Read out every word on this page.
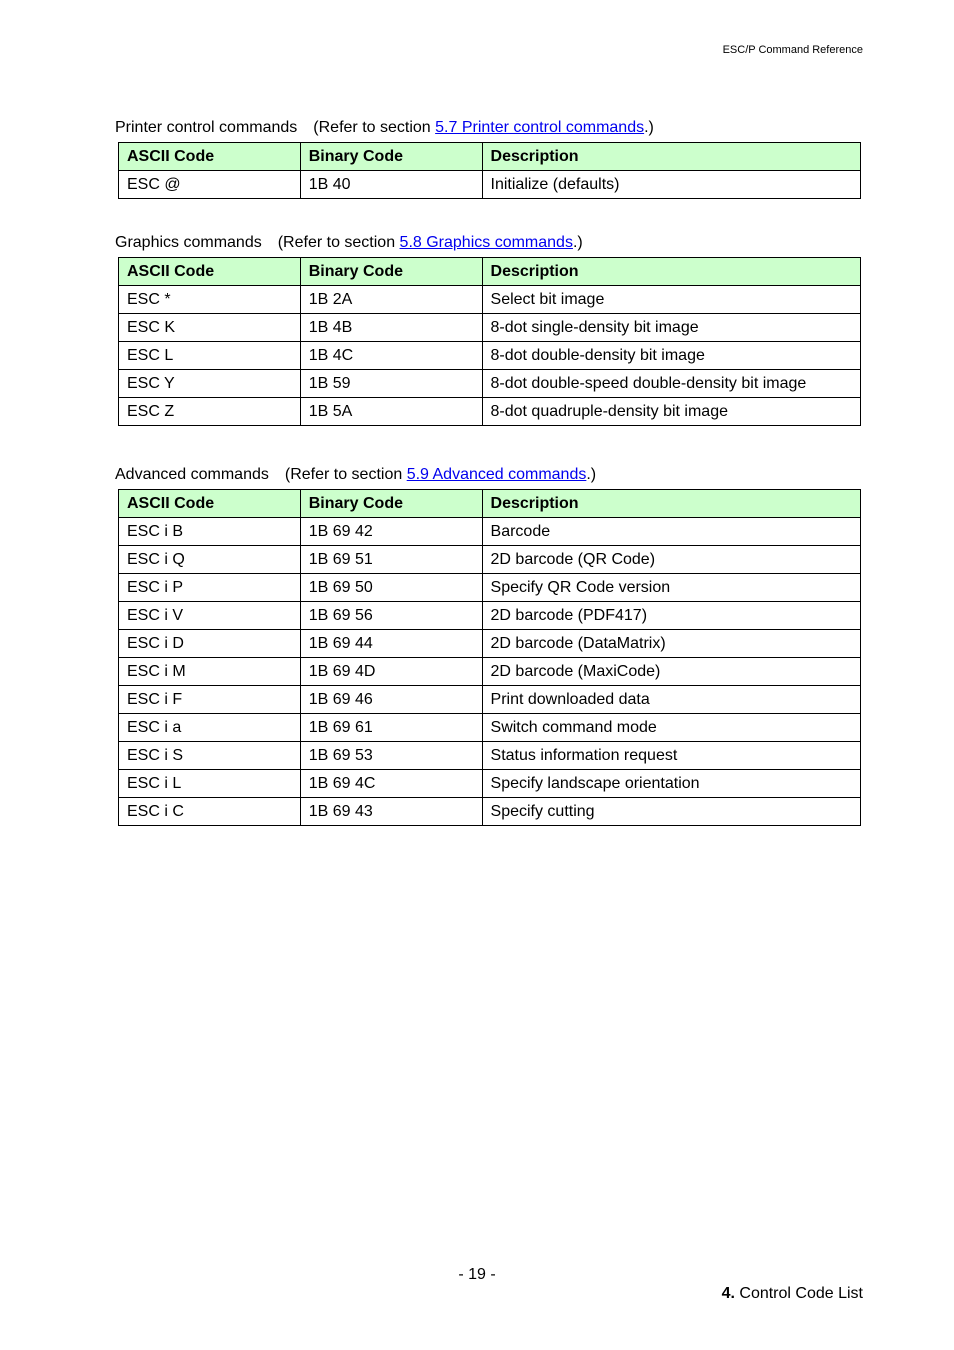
ESC/P Command Reference
Printer control commands (Refer to section 5.7 Printer control commands.)
ASCII Code	Binary Code	Description
ESC @	1B 40	Initialize (defaults)
Graphics commands (Refer to section 5.8 Graphics commands.)
ASCII Code	Binary Code	Description
ESC *	1B 2A	Select bit image
ESC K	1B 4B	8-dot single-density bit image
ESC L	1B 4C	8-dot double-density bit image
ESC Y	1B 59	8-dot double-speed double-density bit image
ESC Z	1B 5A	8-dot quadruple-density bit image
Advanced commands (Refer to section 5.9 Advanced commands.)
ASCII Code	Binary Code	Description
ESC i B	1B 69 42	Barcode
ESC i Q	1B 69 51	2D barcode (QR Code)
ESC i P	1B 69 50	Specify QR Code version
ESC i V	1B 69 56	2D barcode (PDF417)
ESC i D	1B 69 44	2D barcode (DataMatrix)
ESC i M	1B 69 4D	2D barcode (MaxiCode)
ESC i F	1B 69 46	Print downloaded data
ESC i a	1B 69 61	Switch command mode
ESC i S	1B 69 53	Status information request
ESC i L	1B 69 4C	Specify landscape orientation
ESC i C	1B 69 43	Specify cutting
- 19 -
4. Control Code List
